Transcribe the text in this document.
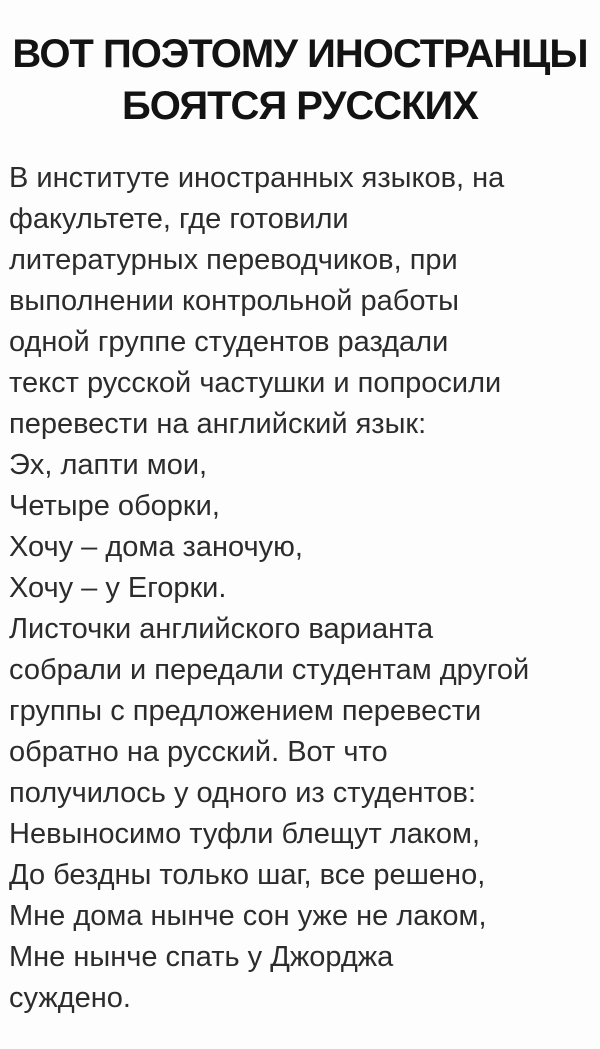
ВОТ ПОЭТОМУ ИНОСТРАНЦЫ БОЯТСЯ РУССКИХ
В институте иностранных языков, на
факультете, где готовили
литературных переводчиков, при
выполнении контрольной работы
одной группе студентов раздали
текст русской частушки и попросили
перевести на английский язык:
Эх, лапти мои,
Четыре оборки,
Хочу – дома заночую,
Хочу – у Егорки.
Листочки английского варианта
собрали и передали студентам другой
группы с предложением перевести
обратно на русский. Вот что
получилось у одного из студентов:
Невыносимо туфли блещут лаком,
До бездны только шаг, все решено,
Мне дома нынче сон уже не лаком,
Мне нынче спать у Джорджа
суждено.
